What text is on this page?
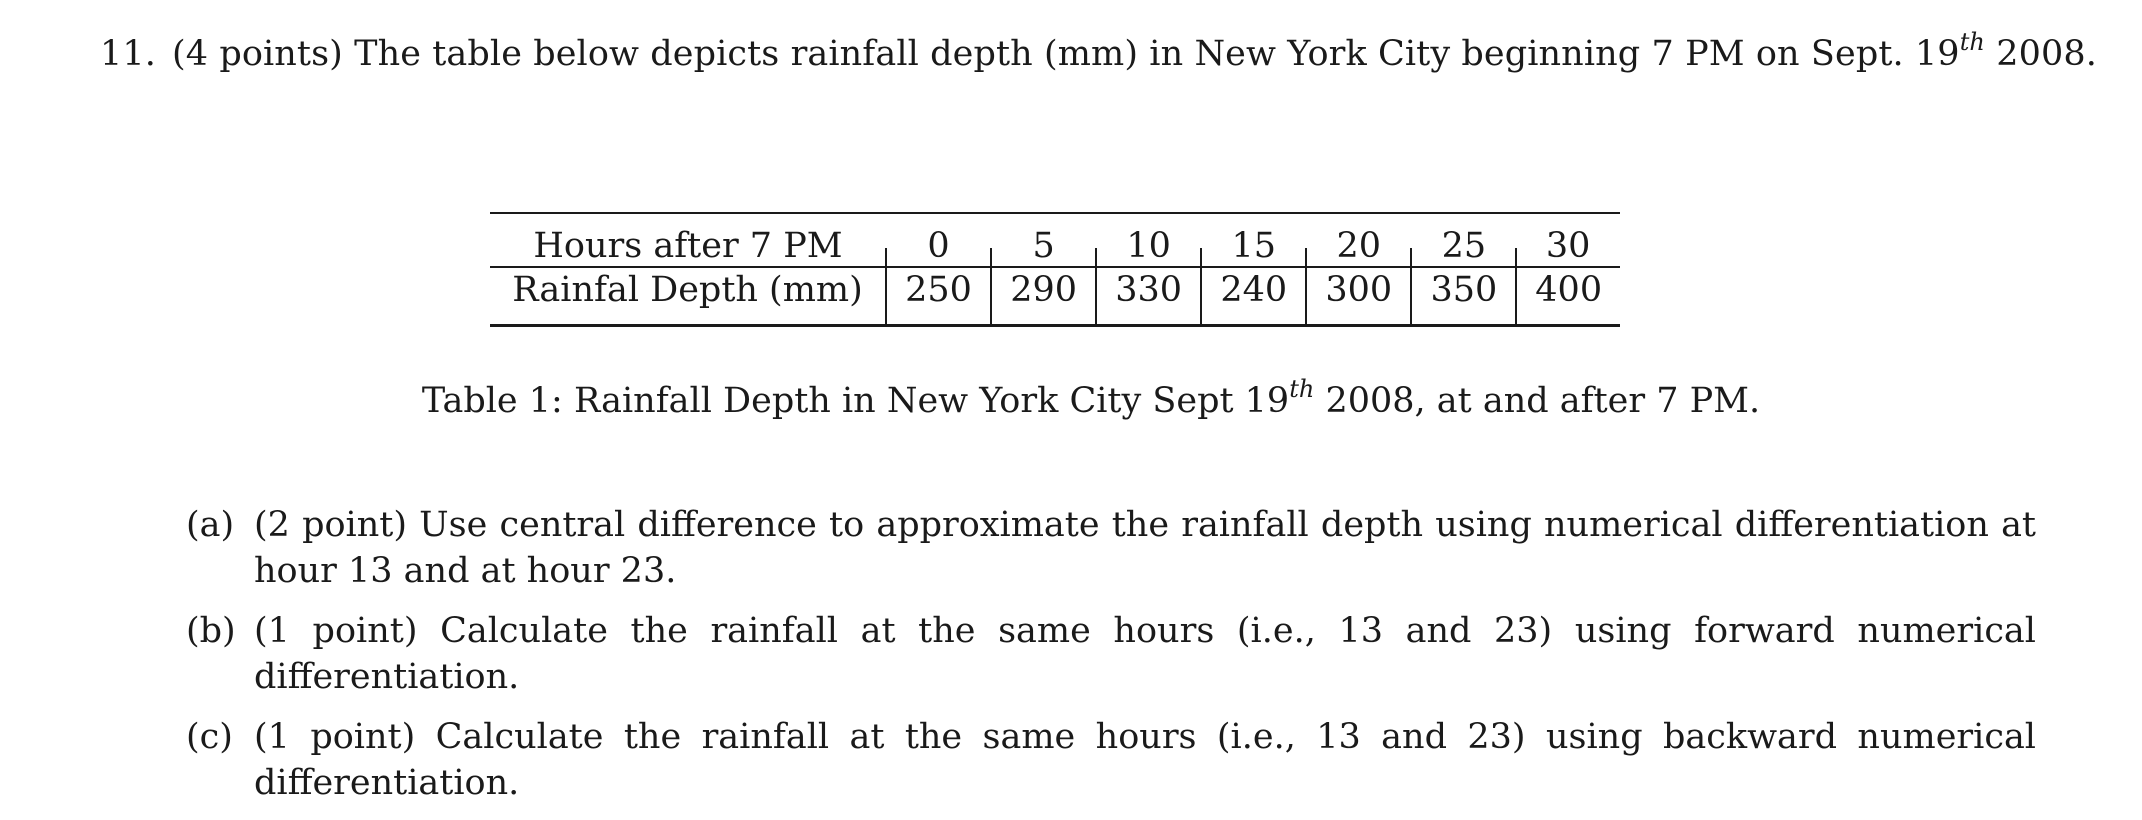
11. (4 points) The table below depicts rainfall depth (mm) in New York City beginning 7 PM on Sept. 19th 2008.
Hours after 7 PM	0	5	10	15	20	25	30
Rainfal Depth (mm)	250	290	330	240	300	350	400
Table 1: Rainfall Depth in New York City Sept 19th 2008, at and after 7 PM.
(a) (2 point) Use central difference to approximate the rainfall depth using numerical differentiation at hour 13 and at hour 23.
(b) (1 point) Calculate the rainfall at the same hours (i.e., 13 and 23) using forward numerical differentiation.
(c) (1 point) Calculate the rainfall at the same hours (i.e., 13 and 23) using backward numerical differentiation.
